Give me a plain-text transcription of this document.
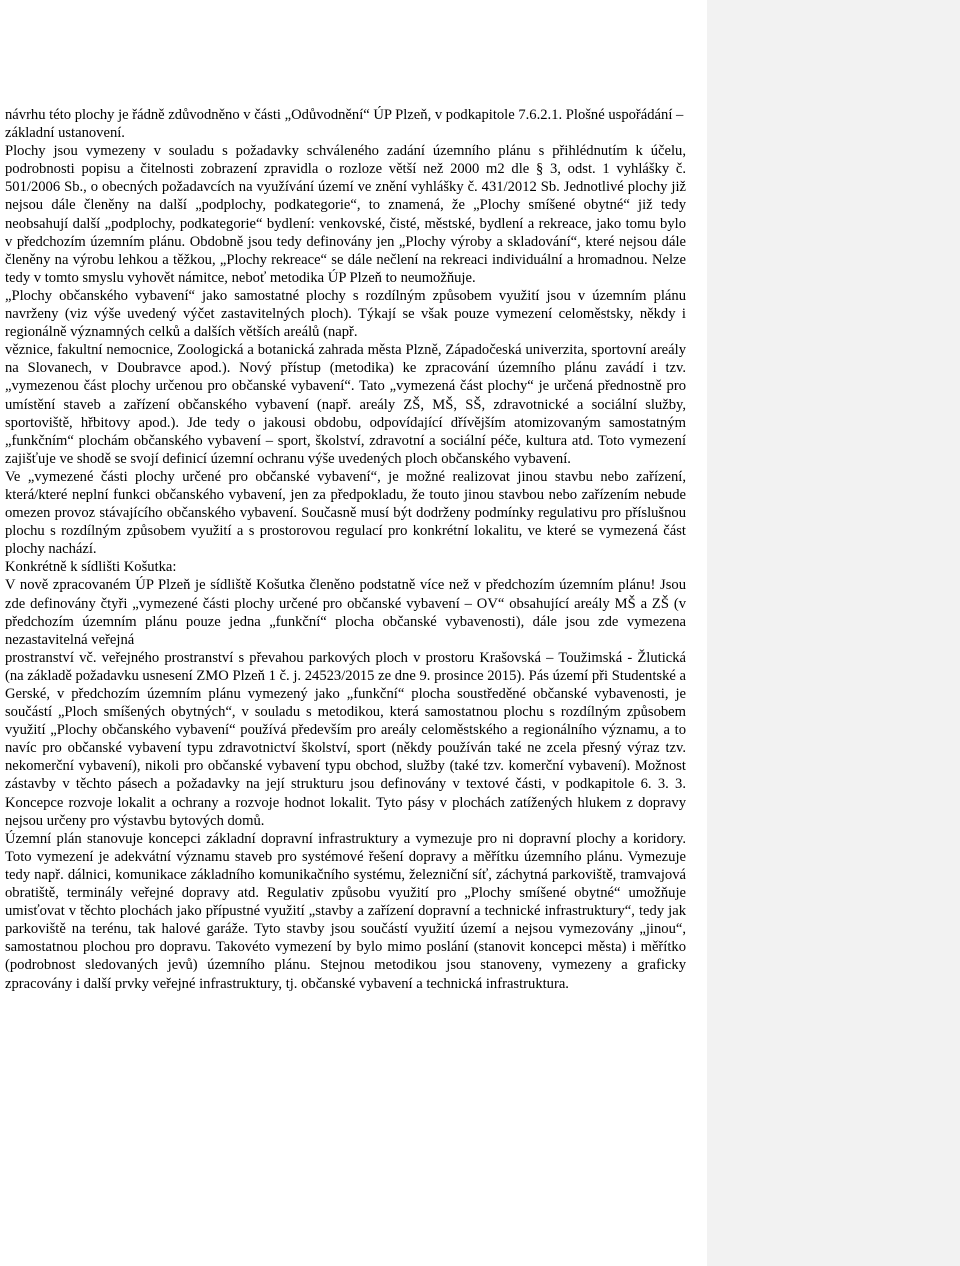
návrhu této plochy je řádně zdůvodněno v části „Odůvodnění“ ÚP Plzeň, v podkapitole 7.6.2.1. Plošné uspořádání – základní ustanovení.

Plochy jsou vymezeny v souladu s požadavky schváleného zadání územního plánu s přihlédnutím k účelu, podrobnosti popisu a čitelnosti zobrazení zpravidla o rozloze větší než 2000 m2 dle § 3, odst. 1 vyhlášky č. 501/2006 Sb., o obecných požadavcích na využívání území ve znění vyhlášky č. 431/2012 Sb. Jednotlivé plochy již nejsou dále členěny na další „podplochy, podkategorie“, to znamená, že „Plochy smíšené obytné“ již tedy neobsahují další „podplochy, podkategorie“ bydlení: venkovské, čisté, městské, bydlení a rekreace, jako tomu bylo v předchozím územním plánu. Obdobně jsou tedy definovány jen „Plochy výroby a skladování“, které nejsou dále členěny na výrobu lehkou a těžkou, „Plochy rekreace“ se dále nečlení na rekreaci individuální a hromadnou. Nelze tedy v tomto smyslu vyhovět námitce, neboť metodika ÚP Plzeň to neumožňuje.

„Plochy občanského vybavení“ jako samostatné plochy s rozdílným způsobem využití jsou v územním plánu navrženy (viz výše uvedený výčet zastavitelných ploch). Týkají se však pouze vymezení celoměstsky, někdy i regionálně významných celků a dalších větších areálů (např.

věznice, fakultní nemocnice, Zoologická a botanická zahrada města Plzně, Západočeská univerzita, sportovní areály na Slovanech, v Doubravce apod.). Nový přístup (metodika) ke zpracování územního plánu zavádí i tzv. „vymezenou část plochy určenou pro občanské vybavení“. Tato „vymezená část plochy“ je určená přednostně pro umístění staveb a zařízení občanského vybavení (např. areály ZŠ, MŠ, SŠ, zdravotnické a sociální služby, sportoviště, hřbitovy apod.). Jde tedy o jakousi obdobu, odpovídající dřívějším atomizovaným samostatným „funkčním“ plochám občanského vybavení – sport, školství, zdravotní a sociální péče, kultura atd. Toto vymezení zajišťuje ve shodě se svojí definicí územní ochranu výše uvedených ploch občanského vybavení.

Ve „vymezené části plochy určené pro občanské vybavení“, je možné realizovat jinou stavbu nebo zařízení, která/které neplní funkci občanského vybavení, jen za předpokladu, že touto jinou stavbou nebo zařízením nebude omezen provoz stávajícího občanského vybavení. Současně musí být dodrženy podmínky regulativu pro příslušnou plochu s rozdílným způsobem využití a s prostorovou regulací pro konkrétní lokalitu, ve které se vymezená část plochy nachází.

Konkrétně k sídlišti Košutka:

V nově zpracovaném ÚP Plzeň je sídliště Košutka členěno podstatně více než v předchozím územním plánu! Jsou zde definovány čtyři „vymezené části plochy určené pro občanské vybavení – OV“ obsahující areály MŠ a ZŠ (v předchozím územním plánu pouze jedna „funkční“ plocha občanské vybavenosti), dále jsou zde vymezena nezastavitelná veřejná

prostranství vč. veřejného prostranství s převahou parkových ploch v prostoru Krašovská – Toužimská - Žlutická (na základě požadavku usnesení ZMO Plzeň 1 č. j. 24523/2015 ze dne 9. prosince 2015). Pás území při Studentské a Gerské, v předchozím územním plánu vymezený jako „funkční“ plocha soustředěné občanské vybavenosti, je součástí „Ploch smíšených obytných“, v souladu s metodikou, která samostatnou plochu s rozdílným způsobem využití „Plochy občanského vybavení“ používá především pro areály celoměstského a regionálního významu, a to navíc pro občanské vybavení typu zdravotnictví školství, sport (někdy používán také ne zcela přesný výraz tzv. nekomerční vybavení), nikoli pro občanské vybavení typu obchod, služby (také tzv. komerční vybavení). Možnost zástavby v těchto pásech a požadavky na její strukturu jsou definovány v textové části, v podkapitole 6. 3. 3. Koncepce rozvoje lokalit a ochrany a rozvoje hodnot lokalit. Tyto pásy v plochách zatížených hlukem z dopravy nejsou určeny pro výstavbu bytových domů.

Územní plán stanovuje koncepci základní dopravní infrastruktury a vymezuje pro ni dopravní plochy a koridory. Toto vymezení je adekvátní významu staveb pro systémové řešení dopravy a měřítku územního plánu. Vymezuje tedy např. dálnici, komunikace základního komunikačního systému, železniční síť, záchytná parkoviště, tramvajová obratiště, terminály veřejné dopravy atd. Regulativ způsobu využití pro „Plochy smíšené obytné“ umožňuje umisťovat v těchto plochách jako přípustné využití „stavby a zařízení dopravní a technické infrastruktury“, tedy jak parkoviště na terénu, tak halové garáže. Tyto stavby jsou součástí využití území a nejsou vymezovány „jinou“, samostatnou plochou pro dopravu. Takovéto vymezení by bylo mimo poslání (stanovit koncepci města) i měřítko (podrobnost sledovaných jevů) územního plánu. Stejnou metodikou jsou stanoveny, vymezeny a graficky zpracovány i další prvky veřejné infrastruktury, tj. občanské vybavení a technická infrastruktura.
